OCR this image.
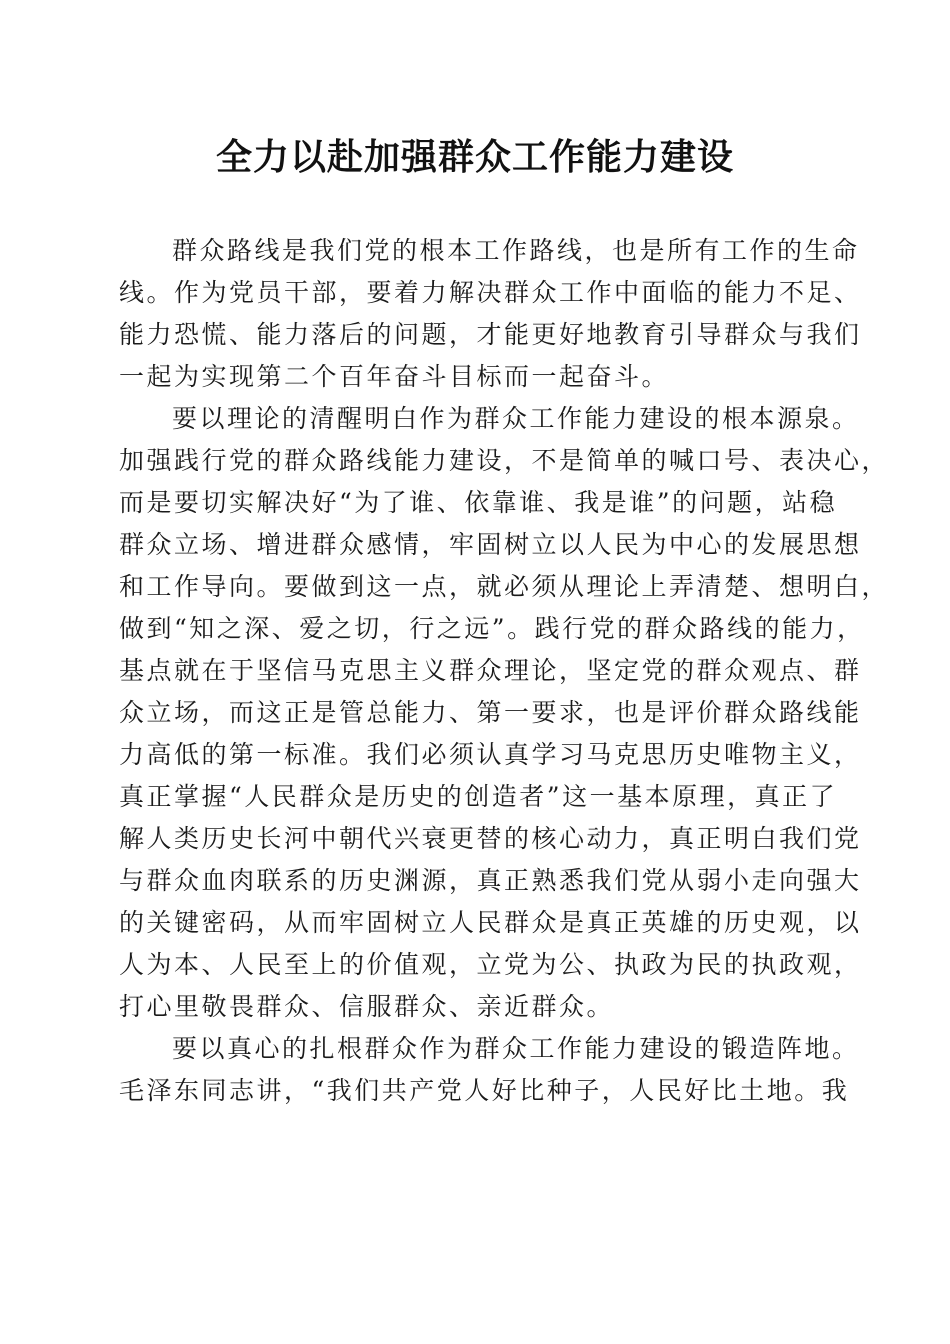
全力以赴加强群众工作能力建设

群众路线是我们党的根本工作路线，也是所有工作的生命
线。作为党员干部，要着力解决群众工作中面临的能力不足、
能力恐慌、能力落后的问题，才能更好地教育引导群众与我们
一起为实现第二个百年奋斗目标而一起奋斗。

要以理论的清醒明白作为群众工作能力建设的根本源泉。
加强践行党的群众路线能力建设，不是简单的喊口号、表决心，
而是要切实解决好“为了谁、依靠谁、我是谁”的问题，站稳
群众立场、增进群众感情，牢固树立以人民为中心的发展思想
和工作导向。要做到这一点，就必须从理论上弄清楚、想明白，
做到“知之深、爱之切，行之远”。践行党的群众路线的能力，
基点就在于坚信马克思主义群众理论，坚定党的群众观点、群
众立场，而这正是管总能力、第一要求，也是评价群众路线能
力高低的第一标准。我们必须认真学习马克思历史唯物主义，
真正掌握“人民群众是历史的创造者”这一基本原理，真正了
解人类历史长河中朝代兴衰更替的核心动力，真正明白我们党
与群众血肉联系的历史渊源，真正熟悉我们党从弱小走向强大
的关键密码，从而牢固树立人民群众是真正英雄的历史观，以
人为本、人民至上的价值观，立党为公、执政为民的执政观，
打心里敬畏群众、信服群众、亲近群众。

要以真心的扎根群众作为群众工作能力建设的锻造阵地。
毛泽东同志讲，“我们共产党人好比种子，人民好比土地。我
